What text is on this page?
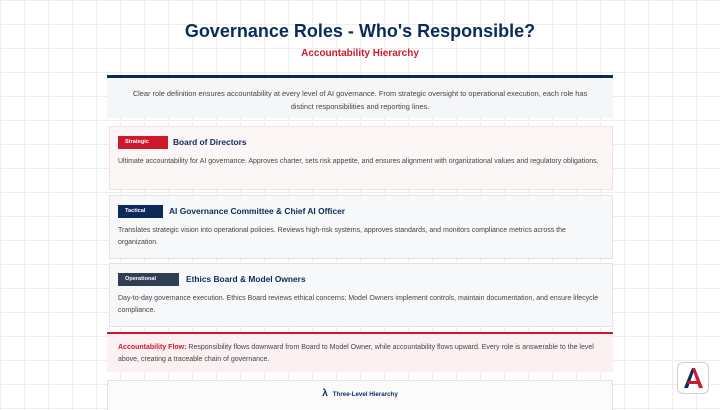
Governance Roles - Who's Responsible?
Accountability Hierarchy
Clear role definition ensures accountability at every level of AI governance. From strategic oversight to operational execution, each role has distinct responsibilities and reporting lines.
Strategic	Board of Directors
Ultimate accountability for AI governance. Approves charter, sets risk appetite, and ensures alignment with organizational values and regulatory obligations.
Tactical	AI Governance Committee & Chief AI Officer
Translates strategic vision into operational policies. Reviews high-risk systems, approves standards, and monitors compliance metrics across the organization.
Operational	Ethics Board & Model Owners
Day-to-day governance execution. Ethics Board reviews ethical concerns; Model Owners implement controls, maintain documentation, and ensure lifecycle compliance.
Accountability Flow: Responsibility flows downward from Board to Model Owner, while accountability flows upward. Every role is answerable to the level above, creating a traceable chain of governance.
λ Three-Level Hierarchy
